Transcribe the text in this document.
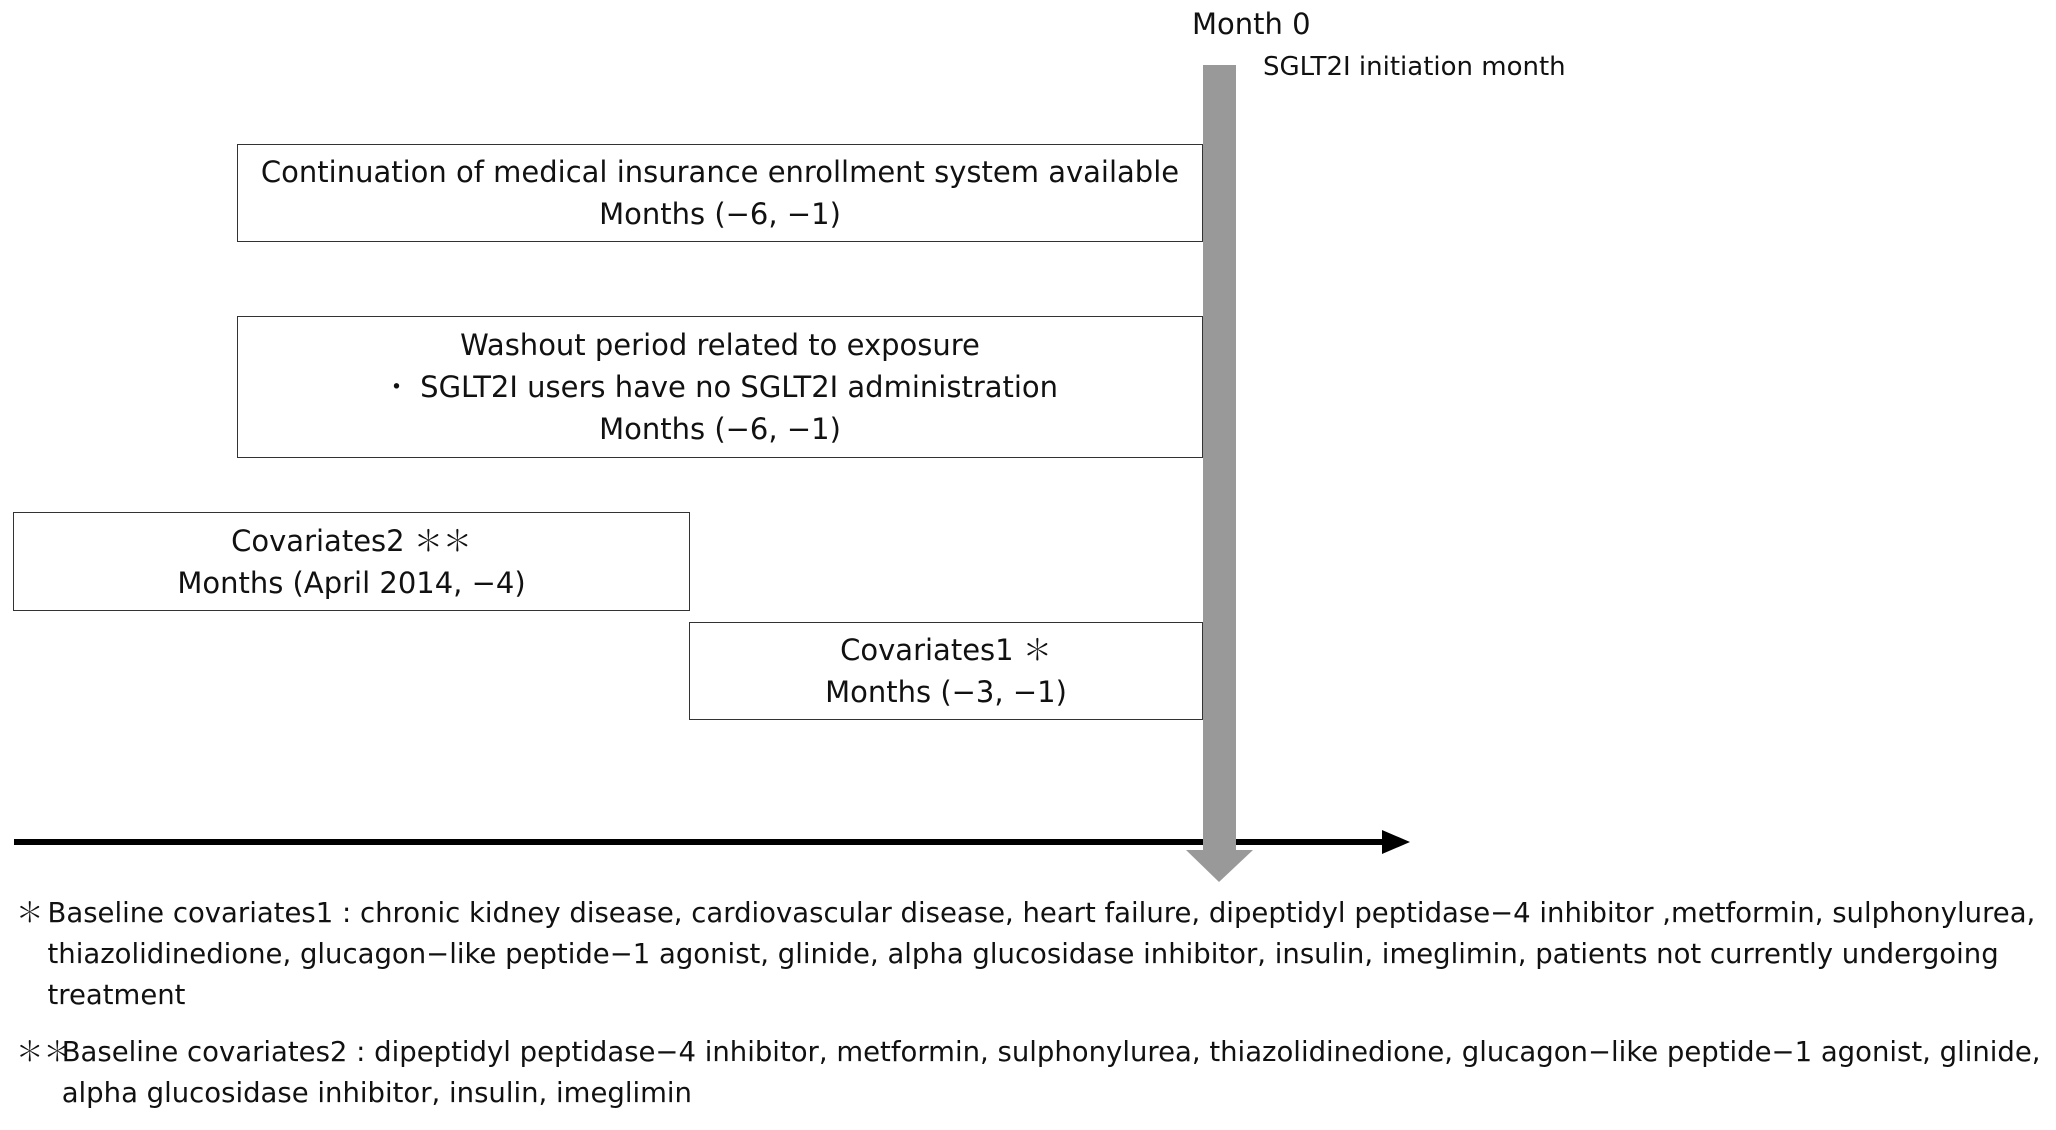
Month 0
SGLT2I initiation month
Continuation of medical insurance enrollment system available
Months (−6, −1)
Washout period related to exposure
・ SGLT2I users have no SGLT2I administration
Months (−6, −1)
Covariates2 ＊＊
Months (April 2014, −4)
Covariates1 ＊
Months (−3, −1)
＊ Baseline covariates1 : chronic kidney disease, cardiovascular disease, heart failure, dipeptidyl peptidase−4 inhibitor ,metformin, sulphonylurea, thiazolidinedione, glucagon−like peptide−1 agonist, glinide, alpha glucosidase inhibitor, insulin, imeglimin, patients not currently undergoing treatment

＊＊

Baseline covariates2 : dipeptidyl peptidase−4 inhibitor, metformin, sulphonylurea, thiazolidinedione, glucagon−like peptide−1 agonist, glinide, alpha glucosidase inhibitor, insulin, imeglimin
